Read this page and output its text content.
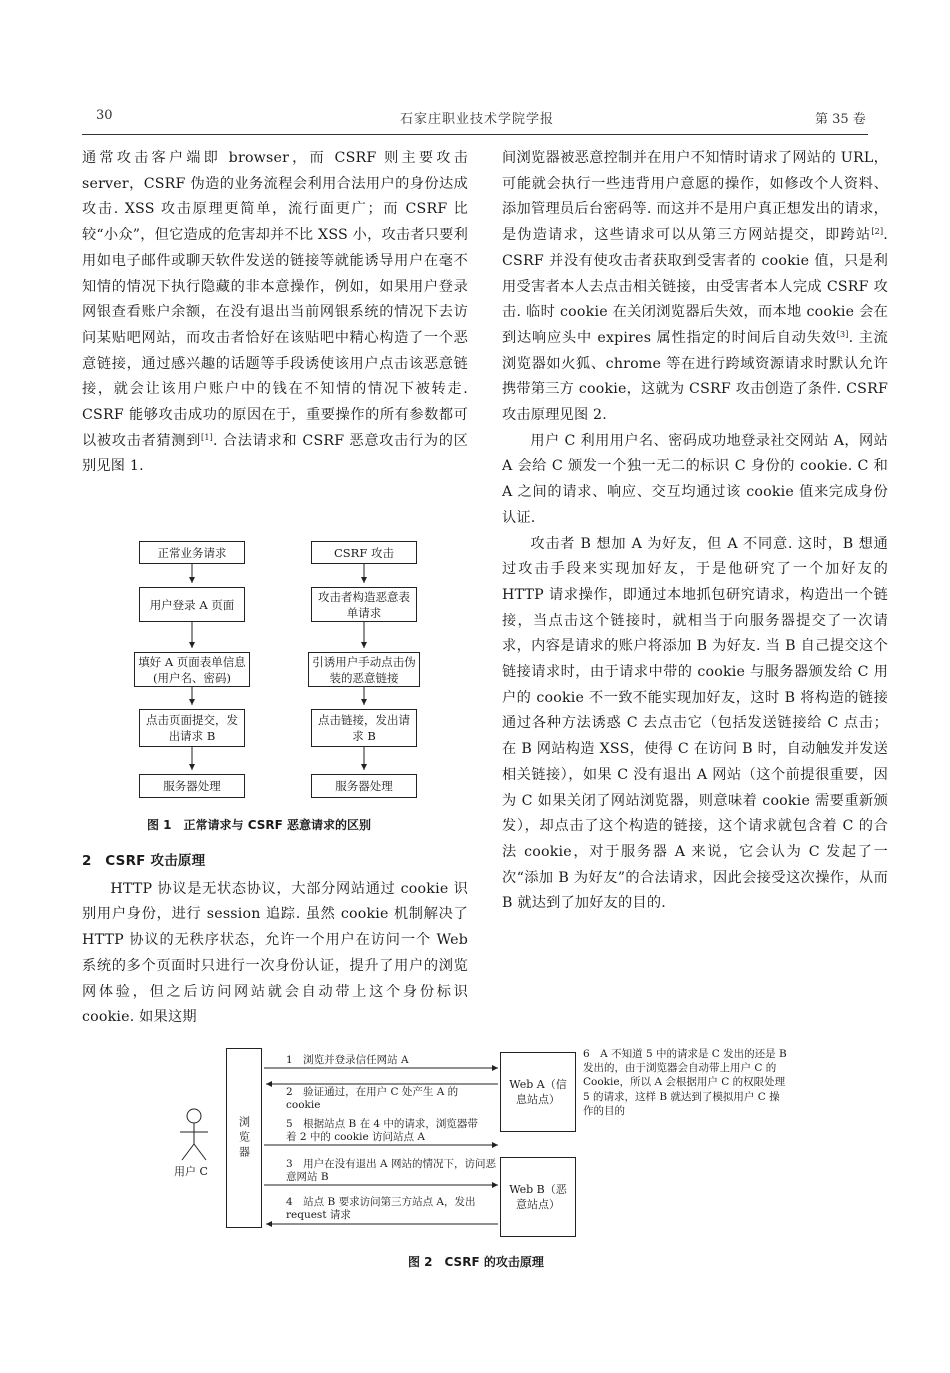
30	石家庄职业技术学院学报	第 35 卷

通常攻击客户端即 browser，而 CSRF 则主要攻击 server，CSRF 伪造的业务流程会利用合法用户的身份达成攻击. XSS 攻击原理更简单，流行面更广；而 CSRF 比较“小众”，但它造成的危害却并不比 XSS 小，攻击者只要利用如电子邮件或聊天软件发送的链接等就能诱导用户在毫不知情的情况下执行隐藏的非本意操作，例如，如果用户登录网银查看账户余额，在没有退出当前网银系统的情况下去访问某贴吧网站，而攻击者恰好在该贴吧中精心构造了一个恶意链接，通过感兴趣的话题等手段诱使该用户点击该恶意链接，就会让该用户账户中的钱在不知情的情况下被转走. CSRF 能够攻击成功的原因在于，重要操作的所有参数都可以被攻击者猜测到[1]. 合法请求和 CSRF 恶意攻击行为的区别见图 1.

正常业务请求
用户登录 A 页面
填好 A 页面表单信息(用户名、密码)
点击页面提交，发出请求 B
服务器处理
CSRF 攻击
攻击者构造恶意表单请求
引诱用户手动点击伪装的恶意链接
点击链接，发出请求 B
服务器处理
图 1　正常请求与 CSRF 恶意请求的区别
2　CSRF 攻击原理

HTTP 协议是无状态协议，大部分网站通过 cookie 识别用户身份，进行 session 追踪. 虽然 cookie 机制解决了 HTTP 协议的无秩序状态，允许一个用户在访问一个 Web 系统的多个页面时只进行一次身份认证，提升了用户的浏览网体验，但之后访问网站就会自动带上这个身份标识 cookie. 如果这期

间浏览器被恶意控制并在用户不知情时请求了网站的 URL，可能就会执行一些违背用户意愿的操作，如修改个人资料、添加管理员后台密码等. 而这并不是用户真正想发出的请求，是伪造请求，这些请求可以从第三方网站提交，即跨站[2]. CSRF 并没有使攻击者获取到受害者的 cookie 值，只是利用受害者本人去点击相关链接，由受害者本人完成 CSRF 攻击. 临时 cookie 在关闭浏览器后失效，而本地 cookie 会在到达响应头中 expires 属性指定的时间后自动失效[3]. 主流浏览器如火狐、chrome 等在进行跨域资源请求时默认允许携带第三方 cookie，这就为 CSRF 攻击创造了条件. CSRF 攻击原理见图 2.

用户 C 利用用户名、密码成功地登录社交网站 A，网站 A 会给 C 颁发一个独一无二的标识 C 身份的 cookie. C 和 A 之间的请求、响应、交互均通过该 cookie 值来完成身份认证.

攻击者 B 想加 A 为好友，但 A 不同意. 这时，B 想通过攻击手段来实现加好友，于是他研究了一个加好友的 HTTP 请求操作，即通过本地抓包研究请求，构造出一个链接，当点击这个链接时，就相当于向服务器提交了一次请求，内容是请求的账户将添加 B 为好友. 当 B 自己提交这个链接请求时，由于请求中带的 cookie 与服务器颁发给 C 用户的 cookie 不一致不能实现加好友，这时 B 将构造的链接通过各种方法诱惑 C 去点击它（包括发送链接给 C 点击；在 B 网站构造 XSS，使得 C 在访问 B 时，自动触发并发送相关链接），如果 C 没有退出 A 网站（这个前提很重要，因为 C 如果关闭了网站浏览器，则意味着 cookie 需要重新颁发），却点击了这个构造的链接，这个请求就包含着 C 的合法 cookie，对于服务器 A 来说，它会认为 C 发起了一次“添加 B 为好友”的合法请求，因此会接受这次操作，从而 B 就达到了加好友的目的.

浏览器
Web A（信息站点）
Web B（恶意站点）
用户 C
1　浏览并登录信任网站 A
2　验证通过，在用户 C 处产生 A 的 cookie
5　根据站点 B 在 4 中的请求，浏览器带着 2 中的 cookie 访问站点 A
3　用户在没有退出 A 网站的情况下，访问恶意网站 B
4　站点 B 要求访问第三方站点 A，发出 request 请求
6　A 不知道 5 中的请求是 C 发出的还是 B 发出的，由于浏览器会自动带上用户 C 的 Cookie，所以 A 会根据用户 C 的权限处理 5 的请求，这样 B 就达到了模拟用户 C 操作的目的
图 2　CSRF 的攻击原理
